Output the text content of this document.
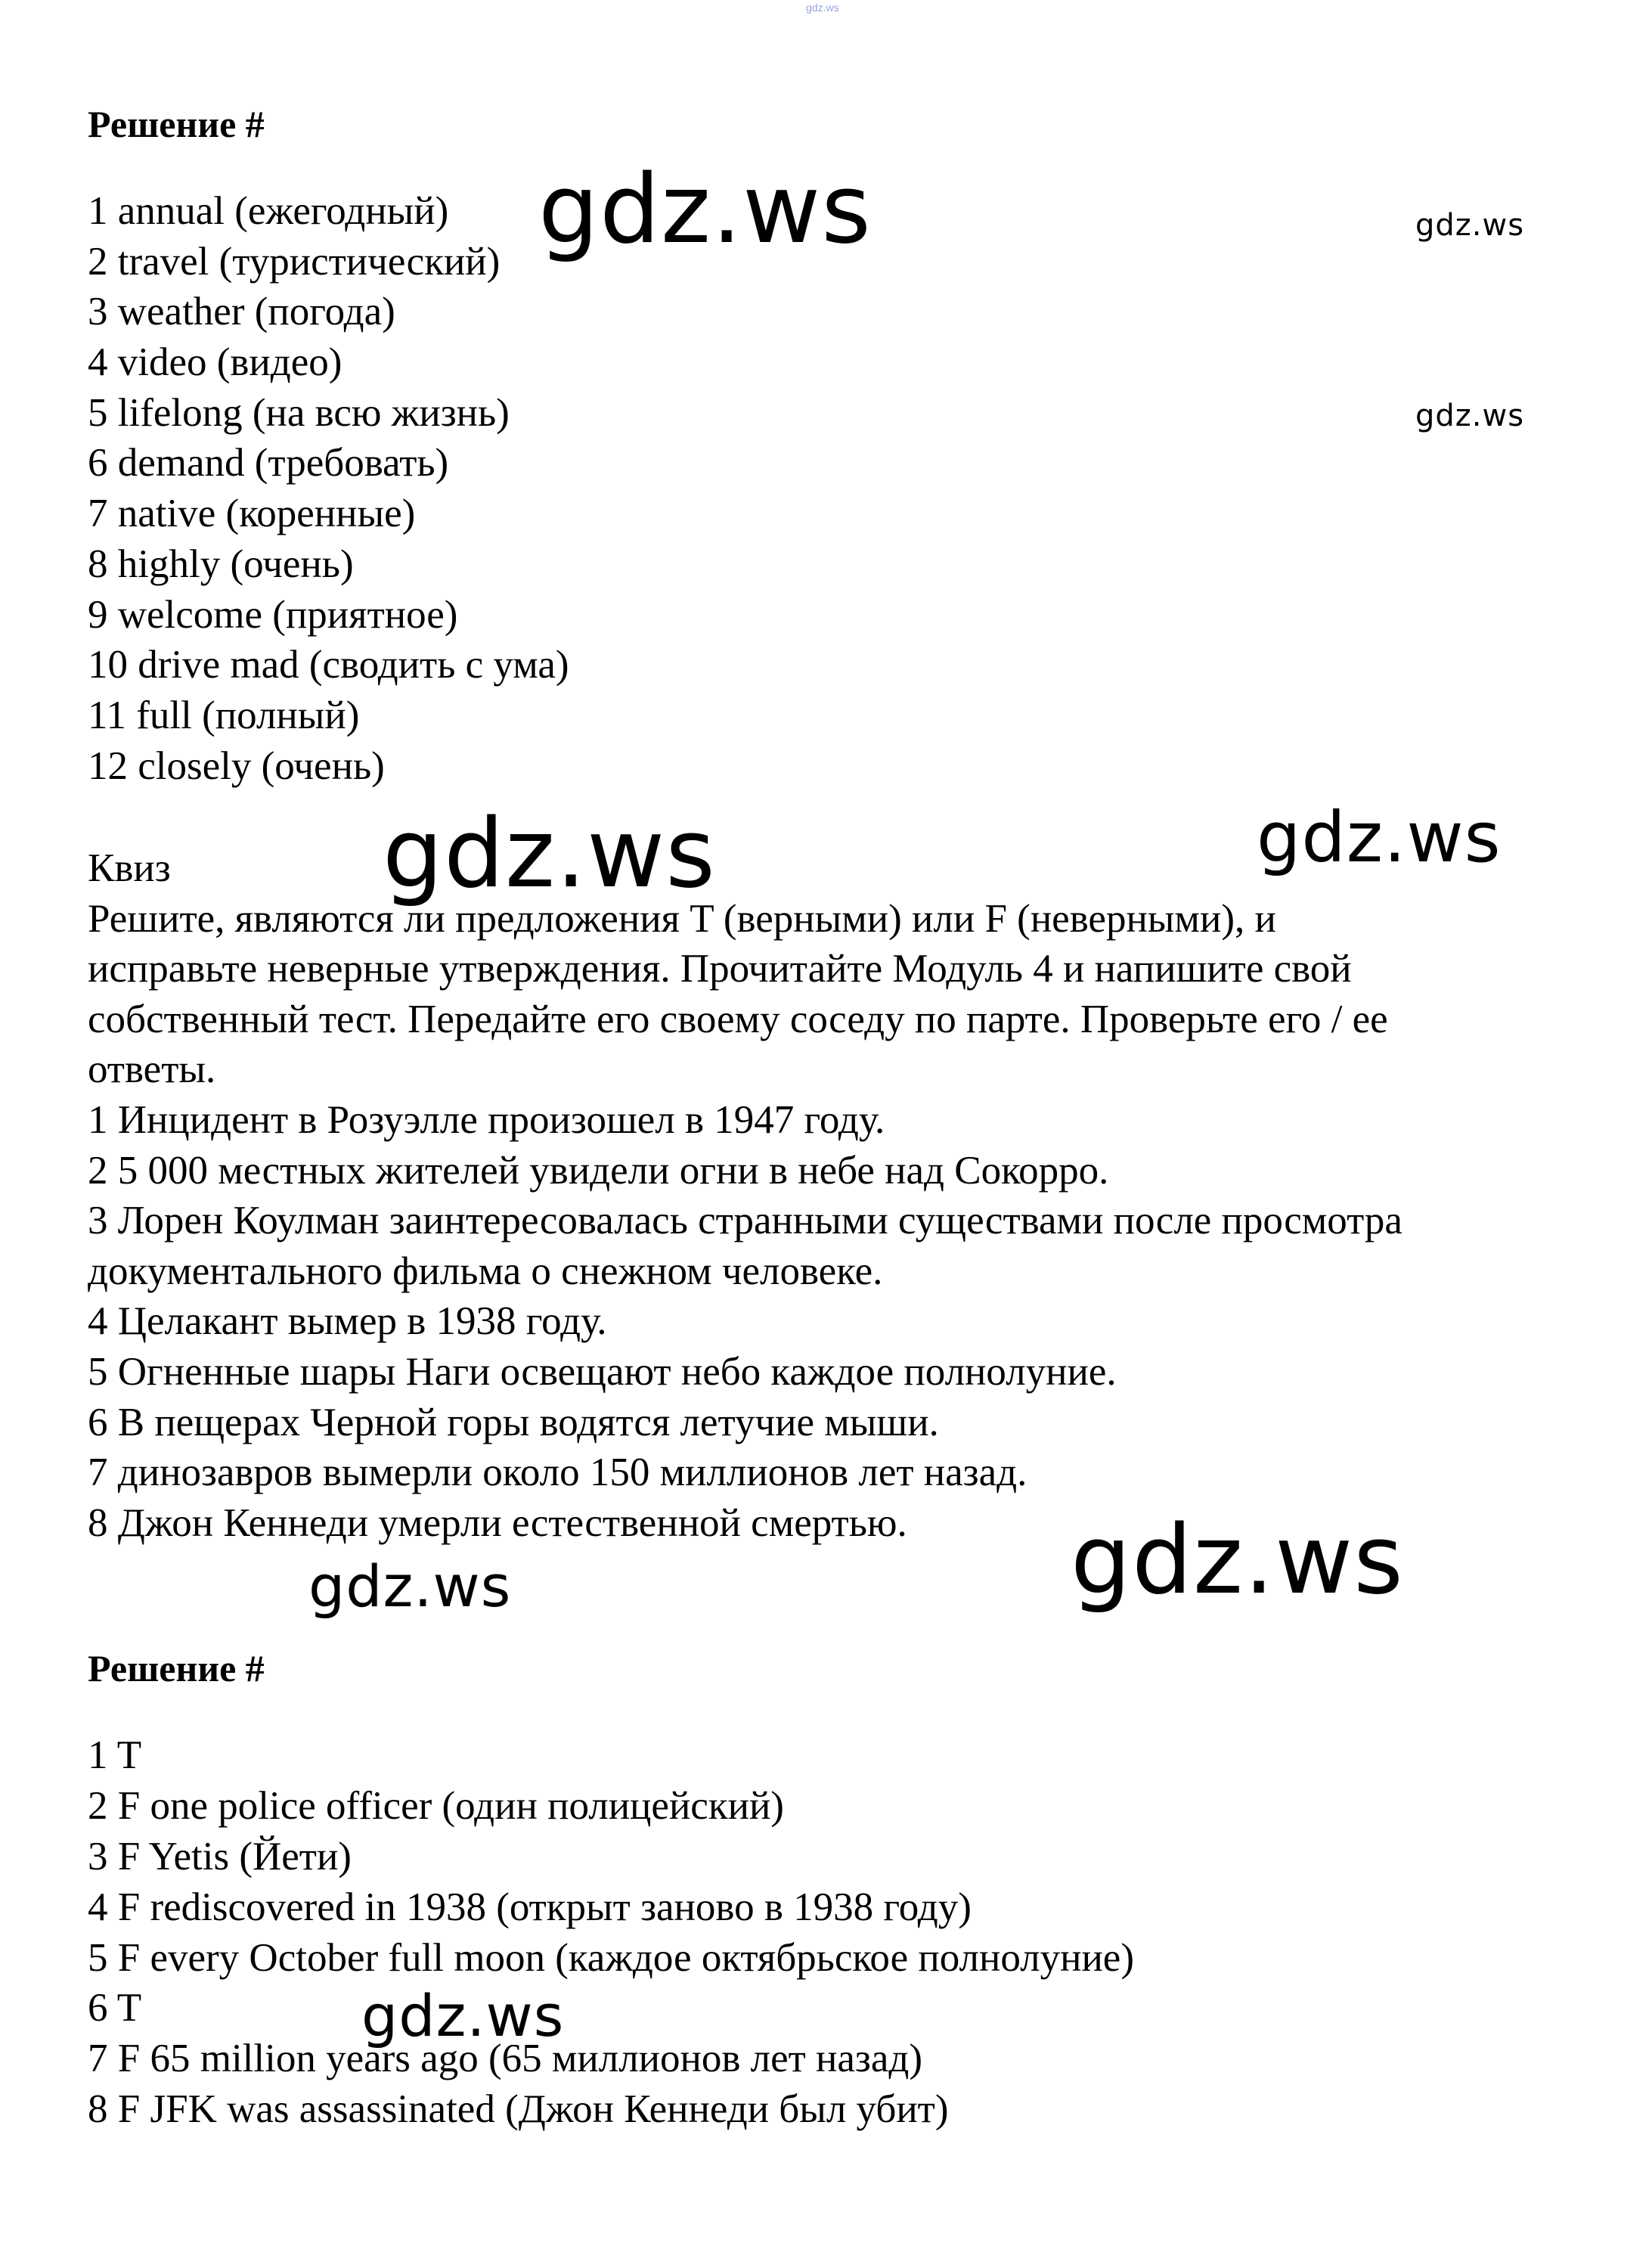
gdz.ws
Решение #
1 annual (ежегодный)
2 travel (туристический)
3 weather (погода)
4 video (видео)
5 lifelong (на всю жизнь)
6 demand (требовать)
7 native (коренные)
8 highly (очень)
9 welcome (приятное)
10 drive mad (сводить с ума)
11 full (полный)
12 closely (очень)
Квиз
Решите, являются ли предложения T (верными) или F (неверными), и
исправьте неверные утверждения. Прочитайте Модуль 4 и напишите свой
собственный тест. Передайте его своему соседу по парте. Проверьте его / ее
ответы.
1 Инцидент в Розуэлле произошел в 1947 году.
2 5 000 местных жителей увидели огни в небе над Сокорро.
3 Лорен Коулман заинтересовалась странными существами после просмотра
документального фильма о снежном человеке.
4 Целакант вымер в 1938 году.
5 Огненные шары Наги освещают небо каждое полнолуние.
6 В пещерах Черной горы водятся летучие мыши.
7 динозавров вымерли около 150 миллионов лет назад.
8 Джон Кеннеди умерли естественной смертью.
Решение #
1 T
2 F one police officer (один полицейский)
3 F Yetis (Йети)
4 F rediscovered in 1938 (открыт заново в 1938 году)
5 F every October full moon (каждое октябрьское полнолуние)
6 T
7 F 65 million years ago (65 миллионов лет назад)
8 F JFK was assassinated (Джон Кеннеди был убит)
gdz.ws	gdz.ws
gdz.ws
gdz.ws	gdz.ws
gdz.ws
gdz.ws
gdz.ws
